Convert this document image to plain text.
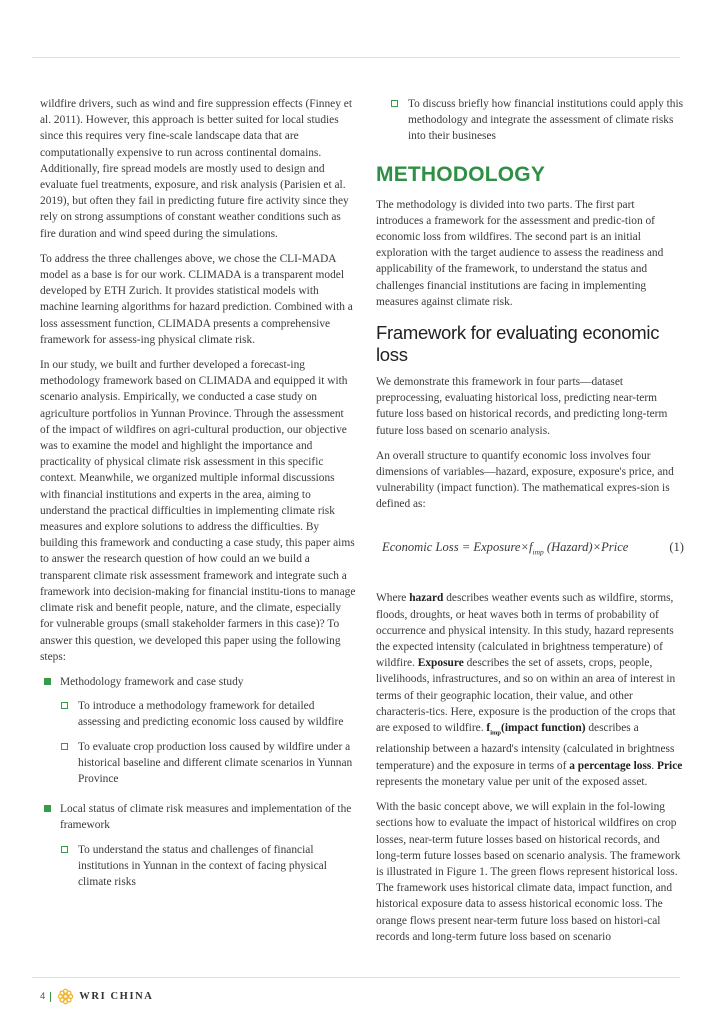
wildfire drivers, such as wind and fire suppression effects (Finney et al. 2011). However, this approach is better suited for local studies since this requires very fine-scale landscape data that are computationally expensive to run across continental domains. Additionally, fire spread models are mostly used to design and evaluate fuel treatments, exposure, and risk analysis (Parisien et al. 2019), but often they fail in predicting future fire activity since they rely on strong assumptions of constant weather conditions such as fire duration and wind speed during the simulations.

To address the three challenges above, we chose the CLI-MADA model as a base is for our work. CLIMADA is a transparent model developed by ETH Zurich. It provides statistical models with machine learning algorithms for hazard prediction. Combined with a loss assessment function, CLIMADA presents a comprehensive framework for assess-ing physical climate risk.

In our study, we built and further developed a forecast-ing methodology framework based on CLIMADA and equipped it with scenario analysis. Empirically, we conducted a case study on agriculture portfolios in Yunnan Province. Through the assessment of the impact of wildfires on agri-cultural production, our objective was to examine the model and highlight the importance and practicality of physical climate risk assessment in this specific context. Meanwhile, we organized multiple informal discussions with financial institutions and experts in the area, aiming to understand the practical difficulties in implementing climate risk measures and explore solutions to address the difficulties. By building this framework and conducting a case study, this paper aims to answer the research question of how could an we build a transparent climate risk assessment framework and integrate such a framework into decision-making for financial institu-tions to manage climate risk and benefit people, nature, and the climate, especially for vulnerable groups (small stakeholder farmers in this case)? To answer this question, we developed this paper using the following steps:

Methodology framework and case study
To introduce a methodology framework for detailed assessing and predicting economic loss caused by wildfire
To evaluate crop production loss caused by wildfire under a historical baseline and different climate scenarios in Yunnan Province
Local status of climate risk measures and implementation of the framework
To understand the status and challenges of financial institutions in Yunnan in the context of facing physical climate risks
To discuss briefly how financial institutions could apply this methodology and integrate the assessment of climate risks into their busineses
METHODOLOGY

The methodology is divided into two parts. The first part introduces a framework for the assessment and predic-tion of economic loss from wildfires. The second part is an initial exploration with the target audience to assess the readiness and applicability of the framework, to understand the status and challenges financial institutions are facing in implementing measures against climate risk.

Framework for evaluating economic loss

We demonstrate this framework in four parts—dataset preprocessing, evaluating historical loss, predicting near-term future loss based on historical records, and predicting long-term future loss based on scenario analysis.

An overall structure to quantify economic loss involves four dimensions of variables—hazard, exposure, exposure's price, and vulnerability (impact function). The mathematical expres-sion is defined as:

Economic Loss = $Exposure\times f_{imp}$ (Hazard)×Price	(1)

Where hazard describes weather events such as wildfire, storms, floods, droughts, or heat waves both in terms of probability of occurrence and physical intensity. In this study, hazard represents the expected intensity (calculated in brightness temperature) of wildfire. Exposure describes the set of assets, crops, people, livelihoods, infrastructures, and so on within an area of interest in terms of their geographic location, their value, and other characteris-tics. Here, exposure is the production of the crops that are exposed to wildfire. $f_{imp}(impact$ function) describes a relationship between a hazard's intensity (calculated in brightness temperature) and the exposure in terms of a percentage loss. Price represents the monetary value per unit of the exposed asset.

With the basic concept above, we will explain in the fol-lowing sections how to evaluate the impact of historical wildfires on crop losses, near-term future losses based on historical records, and long-term future losses based on scenario analysis. The framework is illustrated in Figure 1. The green flows represent historical loss. The framework uses historical climate data, impact function, and historical exposure data to assess historical economic loss. The orange flows present near-term future loss based on histori-cal records and long-term future loss based on scenario

4	WRI CHINA
